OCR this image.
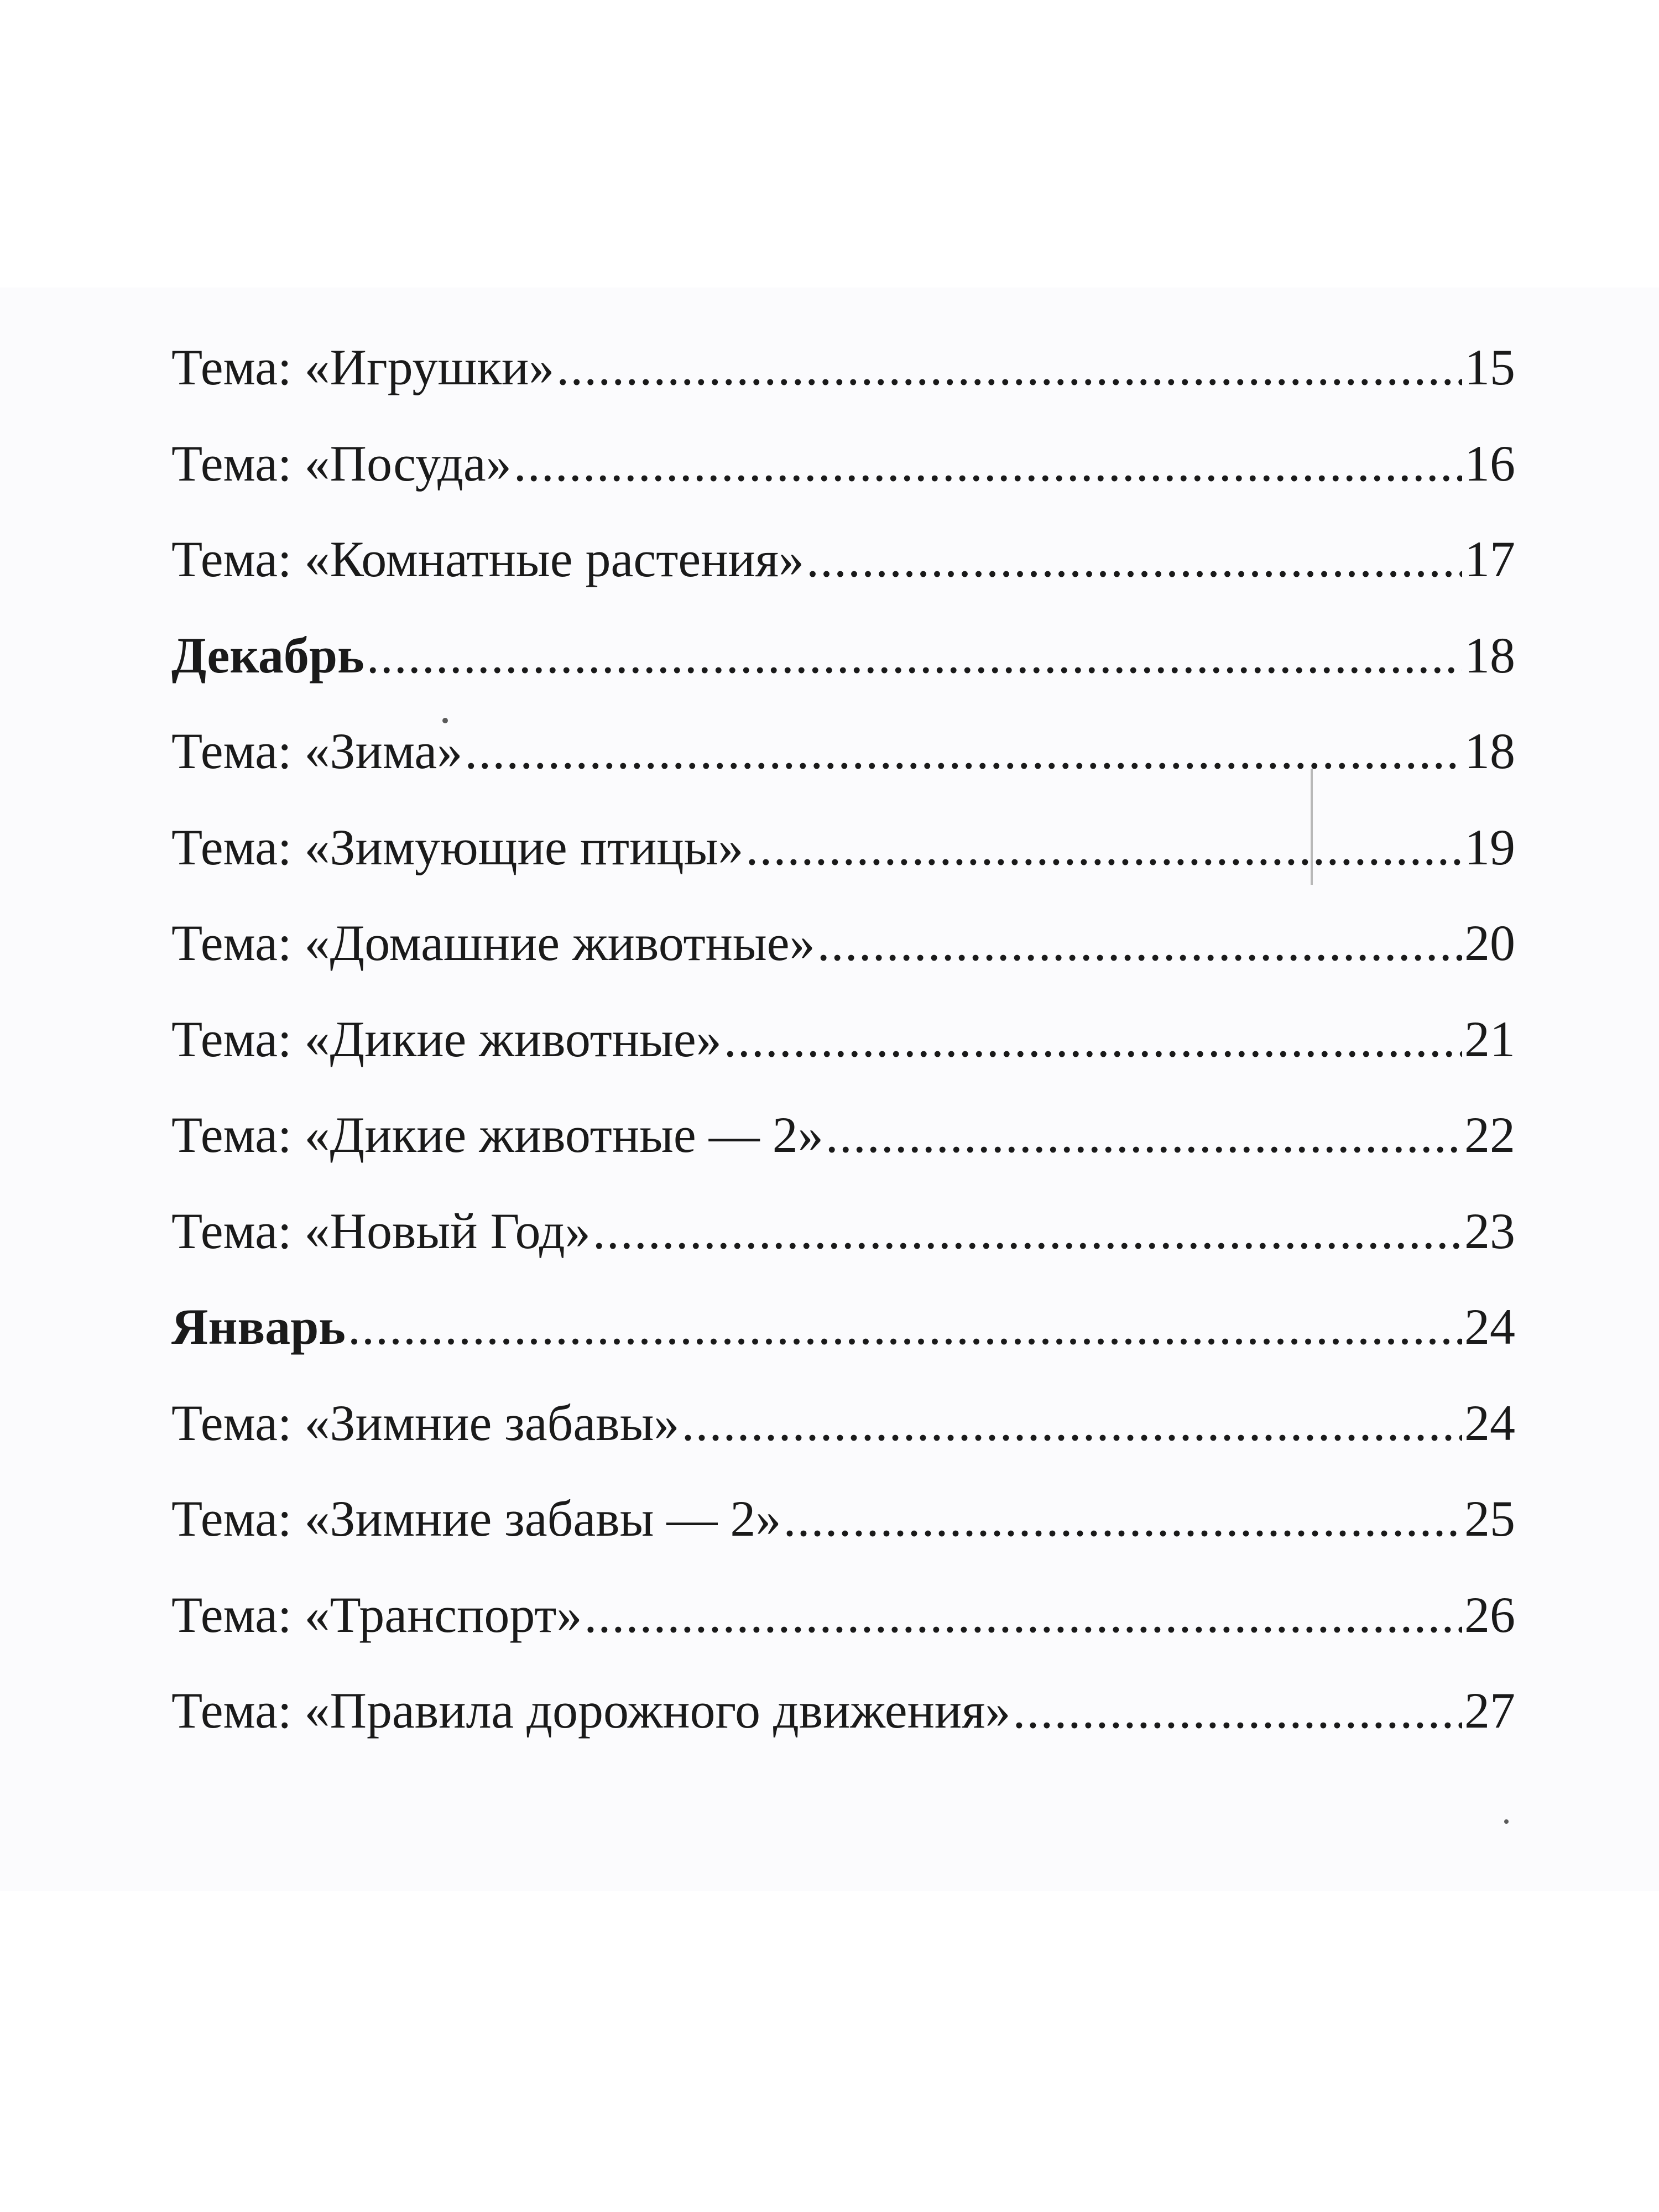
Тема: «Игрушки» .....	15
Тема: «Посуда» .....	16
Тема: «Комнатные растения» .....	17
Декабрь .....	18
Тема: «Зима» .....	18
Тема: «Зимующие птицы» .....	19
Тема: «Домашние животные» .....	20
Тема: «Дикие животные» .....	21
Тема: «Дикие животные — 2» .....	22
Тема: «Новый Год» .....	23
Январь .....	24
Тема: «Зимние забавы» .....	24
Тема: «Зимние забавы — 2» .....	25
Тема: «Транспорт» .....	26
Тема: «Правила дорожного движения» .....	27
